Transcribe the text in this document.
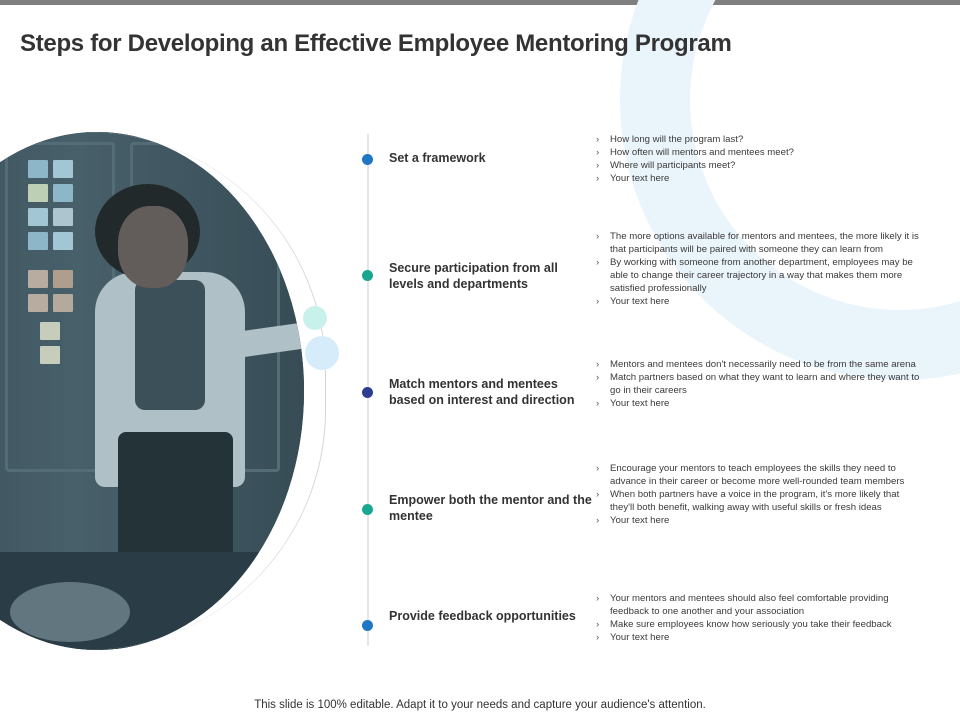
Steps for Developing an Effective Employee Mentoring Program
Set a framework
› How long will the program last?
› How often will mentors and mentees meet?
› Where will participants meet?
› Your text here
Secure participation from all levels and departments
› The more options available for mentors and mentees, the more likely it is that participants will be paired with someone they can learn from
› By working with someone from another department, employees may be able to change their career trajectory in a way that makes them more satisfied professionally
› Your text here
Match mentors and mentees based on interest and direction
› Mentors and mentees don't necessarily need to be from the same arena
› Match partners based on what they want to learn and where they want to go in their careers
› Your text here
Empower both the mentor and the mentee
› Encourage your mentors to teach employees the skills they need to advance in their career or become more well-rounded team members
› When both partners have a voice in the program, it's more likely that they'll both benefit, walking away with useful skills or fresh ideas
› Your text here
Provide feedback opportunities
› Your mentors and mentees should also feel comfortable providing feedback to one another and your association
› Make sure employees know how seriously you take their feedback
› Your text here
This slide is 100% editable. Adapt it to your needs and capture your audience's attention.
